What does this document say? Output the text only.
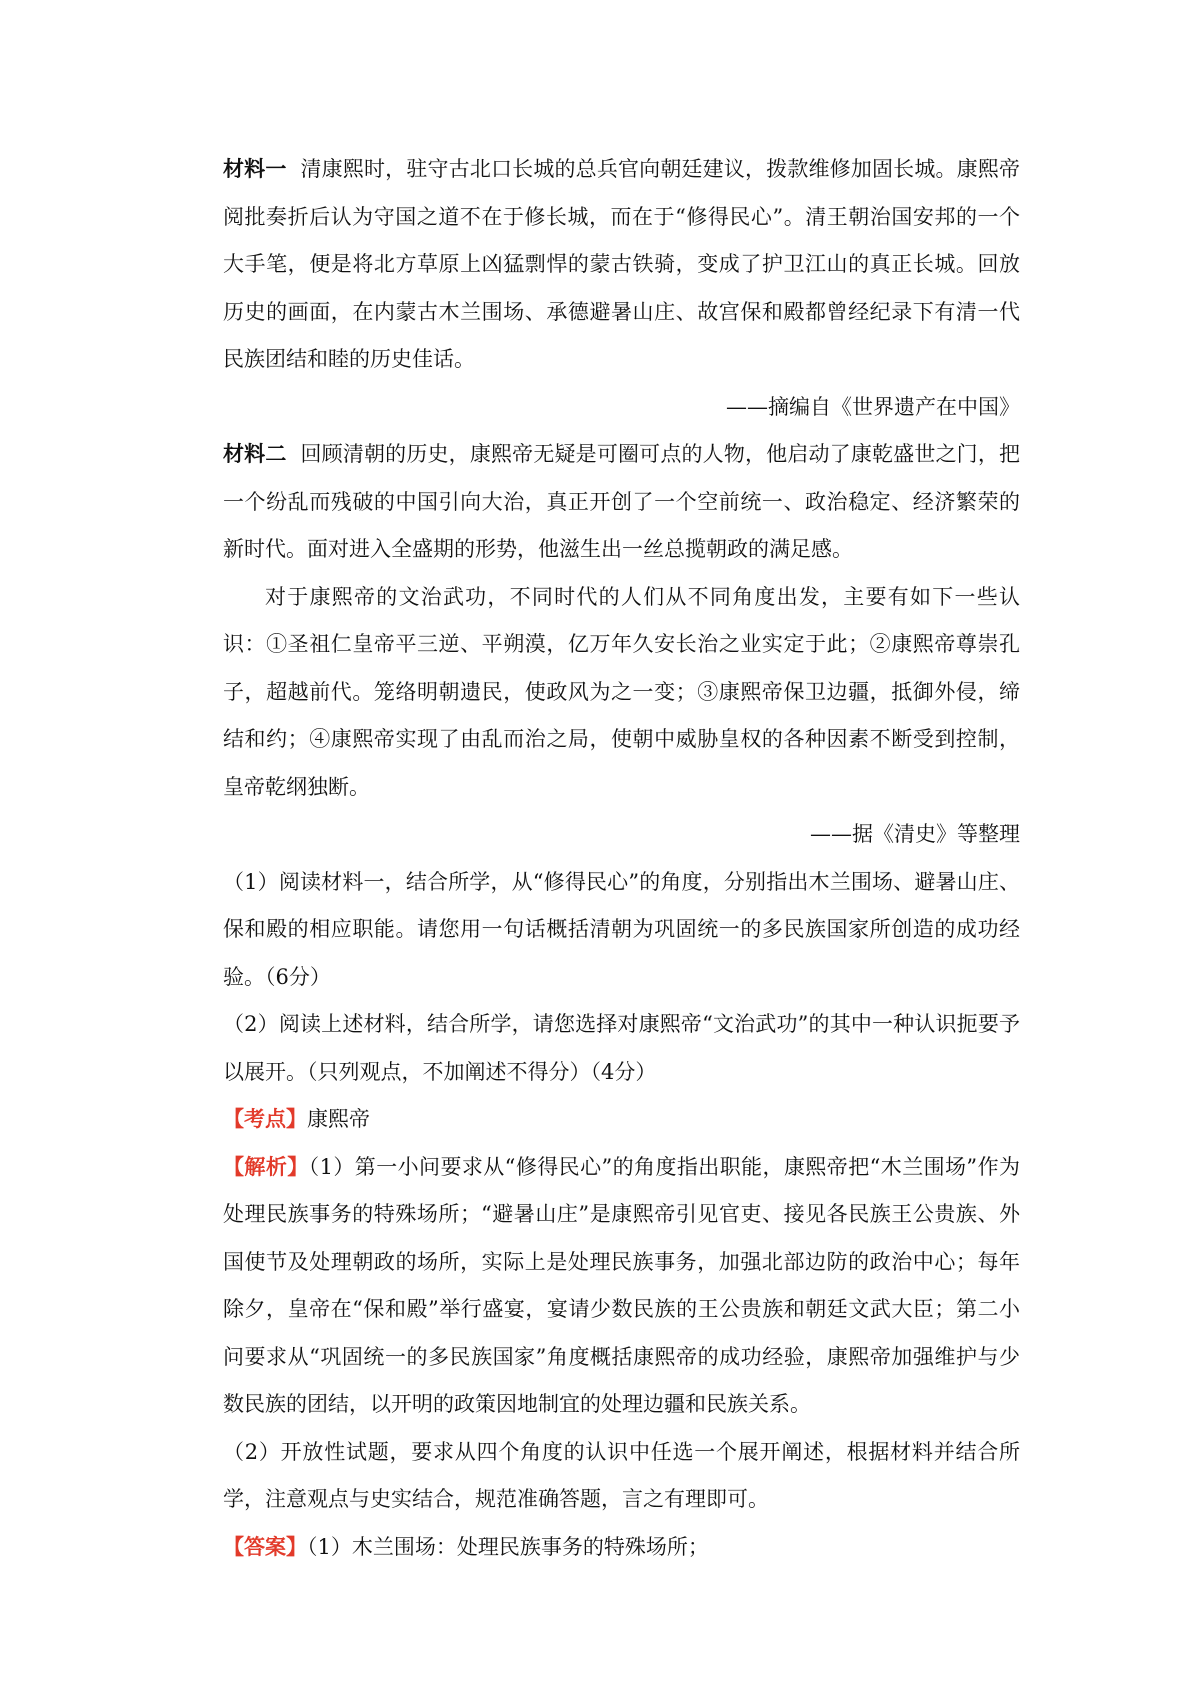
材料一 清康熙时，驻守古北口长城的总兵官向朝廷建议，拨款维修加固长城。康熙帝阅批奏折后认为守国之道不在于修长城，而在于“修得民心”。清王朝治国安邦的一个大手笔，便是将北方草原上凶猛剽悍的蒙古铁骑，变成了护卫江山的真正长城。回放历史的画面，在内蒙古木兰围场、承德避暑山庄、故宫保和殿都曾经纪录下有清一代民族团结和睦的历史佳话。

——摘编自《世界遗产在中国》

材料二 回顾清朝的历史，康熙帝无疑是可圈可点的人物，他启动了康乾盛世之门，把一个纷乱而残破的中国引向大治，真正开创了一个空前统一、政治稳定、经济繁荣的新时代。面对进入全盛期的形势，他滋生出一丝总揽朝政的满足感。

对于康熙帝的文治武功，不同时代的人们从不同角度出发，主要有如下一些认识：①圣祖仁皇帝平三逆、平朔漠，亿万年久安长治之业实定于此；②康熙帝尊崇孔子，超越前代。笼络明朝遗民，使政风为之一变；③康熙帝保卫边疆，抵御外侵，缔结和约；④康熙帝实现了由乱而治之局，使朝中威胁皇权的各种因素不断受到控制，皇帝乾纲独断。

——据《清史》等整理

（1）阅读材料一，结合所学，从“修得民心”的角度，分别指出木兰围场、避暑山庄、保和殿的相应职能。请您用一句话概括清朝为巩固统一的多民族国家所创造的成功经验。（6分）

（2）阅读上述材料，结合所学，请您选择对康熙帝“文治武功”的其中一种认识扼要予以展开。（只列观点，不加阐述不得分）（4分）

【考点】康熙帝

【解析】（1）第一小问要求从“修得民心”的角度指出职能，康熙帝把“木兰围场”作为处理民族事务的特殊场所；“避暑山庄”是康熙帝引见官吏、接见各民族王公贵族、外国使节及处理朝政的场所，实际上是处理民族事务，加强北部边防的政治中心；每年除夕，皇帝在“保和殿”举行盛宴，宴请少数民族的王公贵族和朝廷文武大臣；第二小问要求从“巩固统一的多民族国家”角度概括康熙帝的成功经验，康熙帝加强维护与少数民族的团结，以开明的政策因地制宜的处理边疆和民族关系。

（2）开放性试题，要求从四个角度的认识中任选一个展开阐述，根据材料并结合所学，注意观点与史实结合，规范准确答题，言之有理即可。

【答案】（1）木兰围场：处理民族事务的特殊场所；
